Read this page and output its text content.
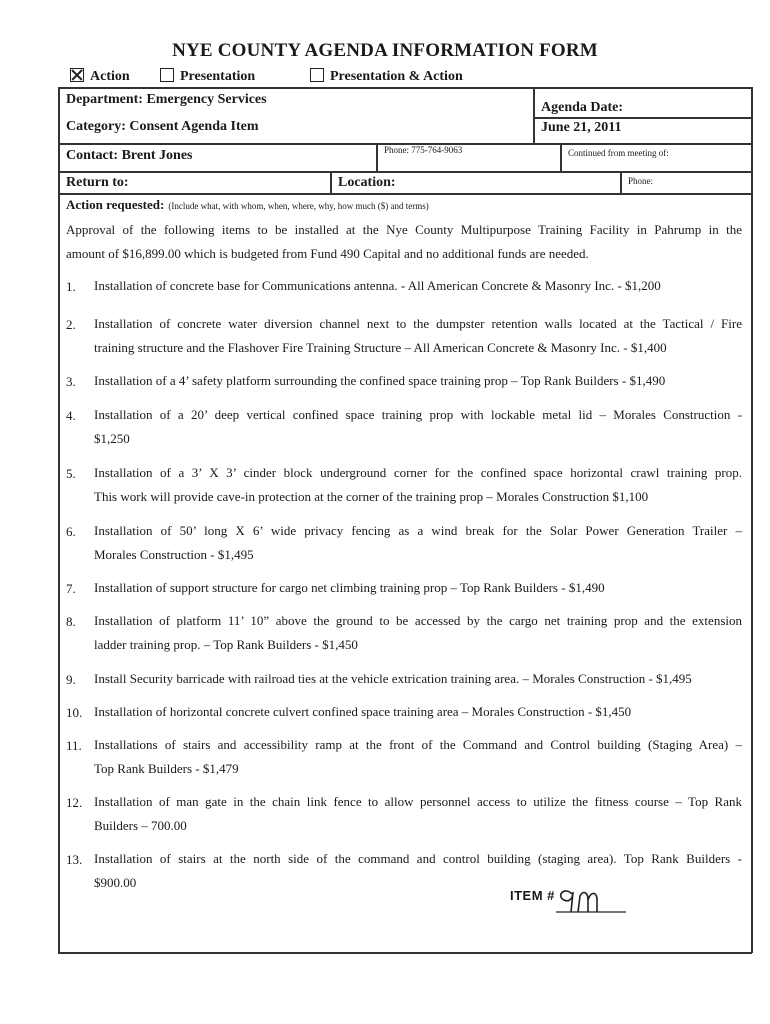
NYE COUNTY AGENDA INFORMATION FORM
Action	Presentation	Presentation & Action
Department: Emergency Services
Agenda Date:
June 21, 2011
Category: Consent Agenda Item
Contact: Brent Jones	Phone: 775-764-9063	Continued from meeting of:
Return to:	Location:	Phone:
Action requested: (Include what, with whom, when, where, why, how much ($) and terms)
Approval of the following items to be installed at the Nye County Multipurpose Training Facility in Pahrump in the
amount of $16,899.00 which is budgeted from Fund 490 Capital and no additional funds are needed.
1. Installation of concrete base for Communications antenna. - All American Concrete & Masonry Inc. - $1,200
2. Installation of concrete water diversion channel next to the dumpster retention walls located at the Tactical / Fire
training structure and the Flashover Fire Training Structure – All American Concrete & Masonry Inc. - $1,400
3. Installation of a 4’ safety platform surrounding the confined space training prop – Top Rank Builders - $1,490
4. Installation of a 20’ deep vertical confined space training prop with lockable metal lid – Morales Construction -
$1,250
5. Installation of a 3’ X 3’ cinder block underground corner for the confined space horizontal crawl training prop.
This work will provide cave-in protection at the corner of the training prop – Morales Construction $1,100
6. Installation of 50’ long X 6’ wide privacy fencing as a wind break for the Solar Power Generation Trailer –
Morales Construction - $1,495
7. Installation of support structure for cargo net climbing training prop – Top Rank Builders - $1,490
8. Installation of platform 11’ 10” above the ground to be accessed by the cargo net training prop and the extension
ladder training prop. – Top Rank Builders - $1,450
9. Install Security barricade with railroad ties at the vehicle extrication training area. – Morales Construction - $1,495
10. Installation of horizontal concrete culvert confined space training area – Morales Construction - $1,450
11. Installations of stairs and accessibility ramp at the front of the Command and Control building (Staging Area) –
Top Rank Builders - $1,479
12. Installation of man gate in the chain link fence to allow personnel access to utilize the fitness course – Top Rank
Builders – 700.00
13. Installation of stairs at the north side of the command and control building (staging area). Top Rank Builders -
$900.00
ITEM #
